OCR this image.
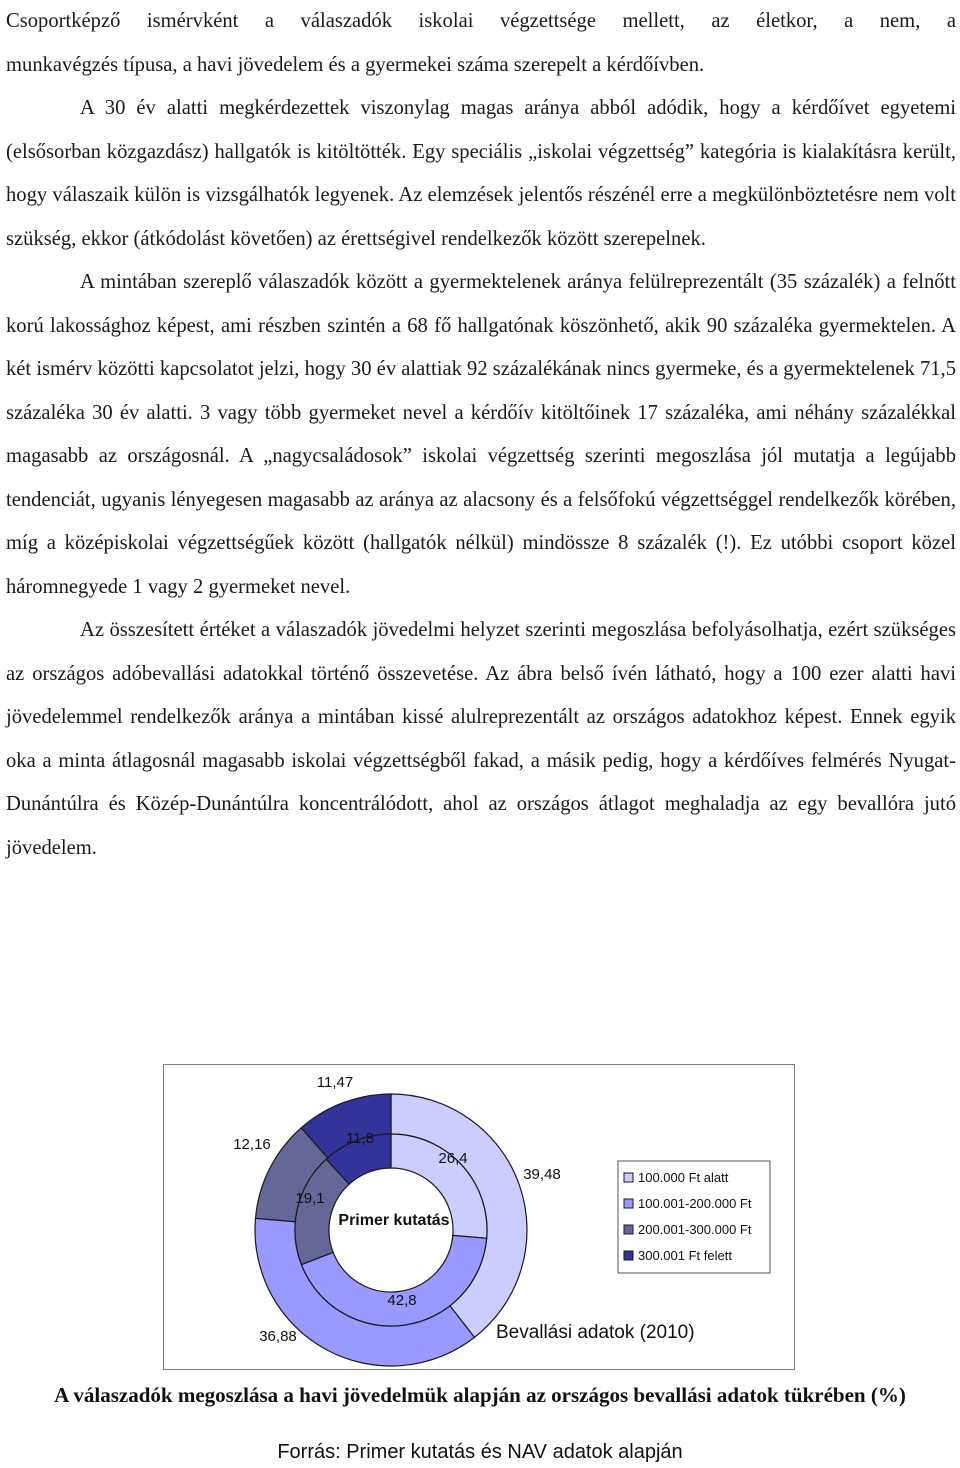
Csoportképző ismérvként a válaszadók iskolai végzettsége mellett, az életkor, a nem, a

munkavégzés típusa, a havi jövedelem és a gyermekei száma szerepelt a kérdőívben.

A 30 év alatti megkérdezettek viszonylag magas aránya abból adódik, hogy a kérdőívet egyetemi (elsősorban közgazdász) hallgatók is kitöltötték. Egy speciális „iskolai végzettség” kategória is kialakításra került, hogy válaszaik külön is vizsgálhatók legyenek. Az elemzések jelentős részénél erre a megkülönböztetésre nem volt szükség, ekkor (átkódolást követően) az érettségivel rendelkezők között szerepelnek.

A mintában szereplő válaszadók között a gyermektelenek aránya felülreprezentált (35 százalék) a felnőtt korú lakossághoz képest, ami részben szintén a 68 fő hallgatónak köszönhető, akik 90 százaléka gyermektelen. A két ismérv közötti kapcsolatot jelzi, hogy 30 év alattiak 92 százalékának nincs gyermeke, és a gyermektelenek 71,5 százaléka 30 év alatti. 3 vagy több gyermeket nevel a kérdőív kitöltőinek 17 százaléka, ami néhány százalékkal magasabb az országosnál. A „nagycsaládosok” iskolai végzettség szerinti megoszlása jól mutatja a legújabb tendenciát, ugyanis lényegesen magasabb az aránya az alacsony és a felsőfokú végzettséggel rendelkezők körében, míg a középiskolai végzettségűek között (hallgatók nélkül) mindössze 8 százalék (!). Ez utóbbi csoport közel háromnegyede 1 vagy 2 gyermeket nevel.

Az összesített értéket a válaszadók jövedelmi helyzet szerinti megoszlása befolyásolhatja, ezért szükséges az országos adóbevallási adatokkal történő összevetése. Az ábra belső ívén látható, hogy a 100 ezer alatti havi jövedelemmel rendelkezők aránya a mintában kissé alulreprezentált az országos adatokhoz képest. Ennek egyik oka a minta átlagosnál magasabb iskolai végzettségből fakad, a másik pedig, hogy a kérdőíves felmérés Nyugat-Dunántúlra és Közép-Dunántúlra koncentrálódott, ahol az országos átlagot meghaladja az egy bevallóra jutó jövedelem.

39,48
36,88
12,16
11,47
26,4
42,8
19,1
11,8
Primer kutatás
Bevallási adatok (2010)
100.000 Ft alatt
100.001-200.000 Ft
200.001-300.000 Ft
300.001 Ft felett
A válaszadók megoszlása a havi jövedelmük alapján az országos bevallási adatok tükrében (%)
Forrás: Primer kutatás és NAV adatok alapján
